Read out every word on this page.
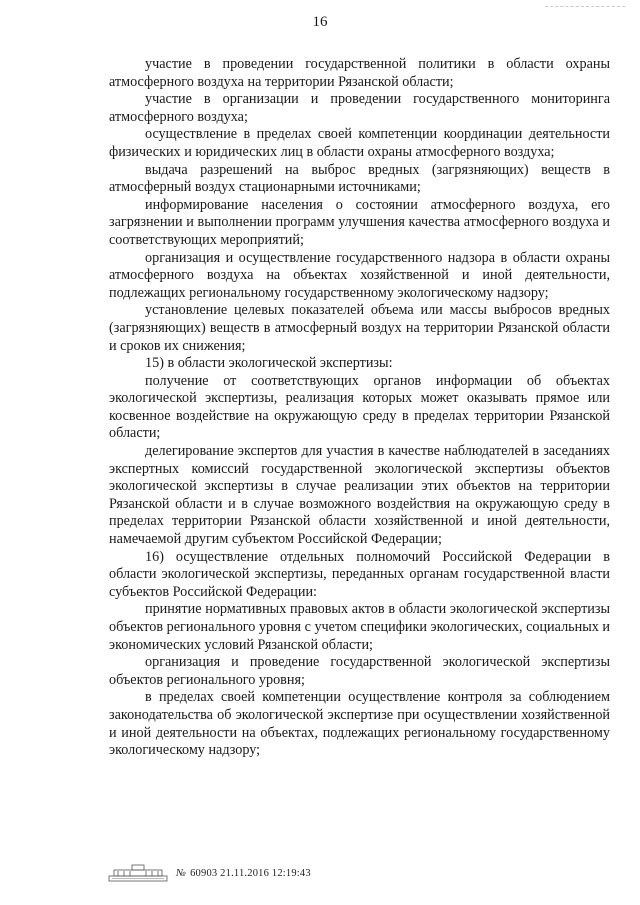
16

участие в проведении государственной политики в области охраны атмосферного воздуха на территории Рязанской области;

участие в организации и проведении государственного мониторинга атмосферного воздуха;

осуществление в пределах своей компетенции координации деятельности физических и юридических лиц в области охраны атмосферного воздуха;

выдача разрешений на выброс вредных (загрязняющих) веществ в атмосферный воздух стационарными источниками;

информирование населения о состоянии атмосферного воздуха, его загрязнении и выполнении программ улучшения качества атмосферного воздуха и соответствующих мероприятий;

организация и осуществление государственного надзора в области охраны атмосферного воздуха на объектах хозяйственной и иной деятельности, подлежащих региональному государственному экологическому надзору;

установление целевых показателей объема или массы выбросов вредных (загрязняющих) веществ в атмосферный воздух на территории Рязанской области и сроков их снижения;

15) в области экологической экспертизы:

получение от соответствующих органов информации об объектах экологической экспертизы, реализация которых может оказывать прямое или косвенное воздействие на окружающую среду в пределах территории Рязанской области;

делегирование экспертов для участия в качестве наблюдателей в заседаниях экспертных комиссий государственной экологической экспертизы объектов экологической экспертизы в случае реализации этих объектов на территории Рязанской области и в случае возможного воздействия на окружающую среду в пределах территории Рязанской области хозяйственной и иной деятельности, намечаемой другим субъектом Российской Федерации;

16) осуществление отдельных полномочий Российской Федерации в области экологической экспертизы, переданных органам государственной власти субъектов Российской Федерации:

принятие нормативных правовых актов в области экологической экспертизы объектов регионального уровня с учетом специфики экологических, социальных и экономических условий Рязанской области;

организация и проведение государственной экологической экспертизы объектов регионального уровня;

в пределах своей компетенции осуществление контроля за соблюдением законодательства об экологической экспертизе при осуществлении хозяйственной и иной деятельности на объектах, подлежащих региональному государственному экологическому надзору;

№ 60903 21.11.2016 12:19:43
